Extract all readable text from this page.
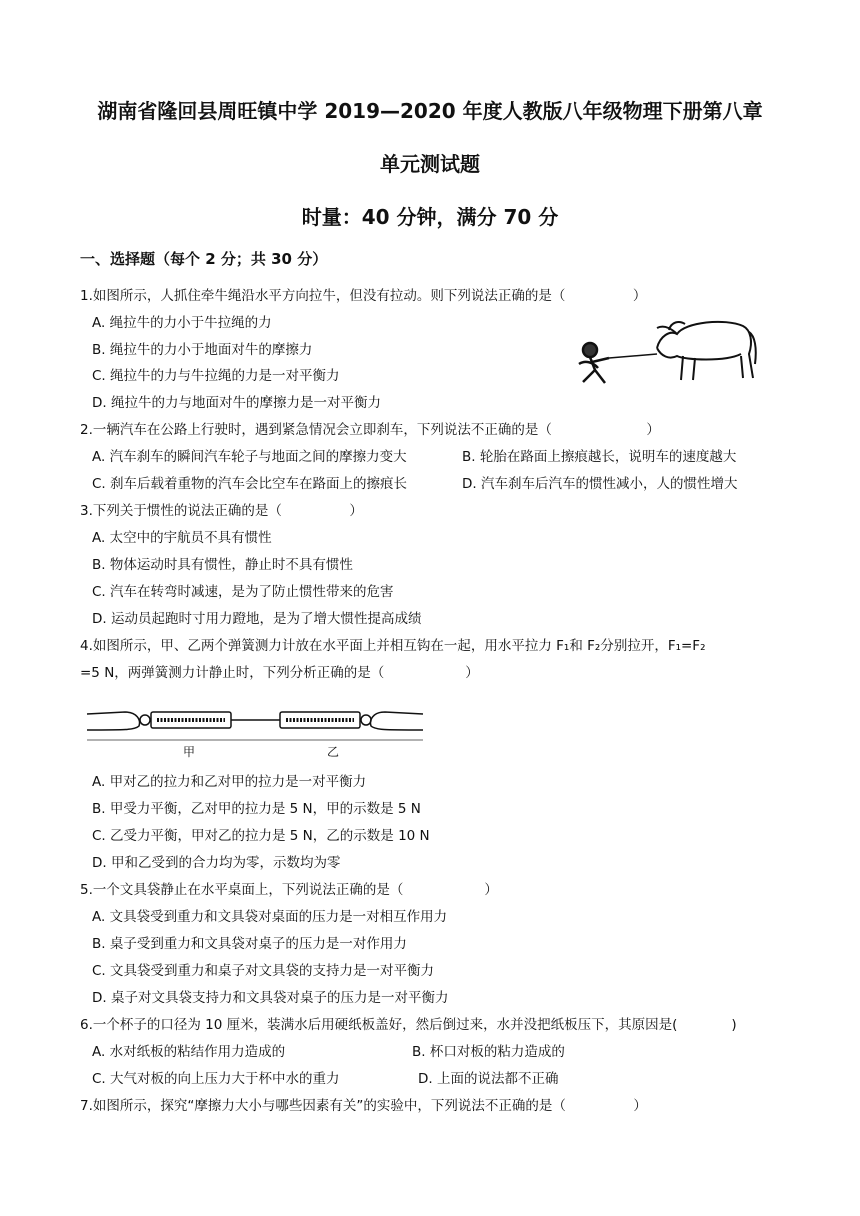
湖南省隆回县周旺镇中学 2019—2020 年度人教版八年级物理下册第八章
单元测试题
时量：40 分钟，满分 70 分
一、选择题（每个 2 分；共 30 分）
1.如图所示，人抓住牵牛绳沿水平方向拉牛，但没有拉动。则下列说法正确的是（　　　　　）
A. 绳拉牛的力小于牛拉绳的力
B. 绳拉牛的力小于地面对牛的摩擦力
C. 绳拉牛的力与牛拉绳的力是一对平衡力
D. 绳拉牛的力与地面对牛的摩擦力是一对平衡力
2.一辆汽车在公路上行驶时，遇到紧急情况会立即刹车，下列说法不正确的是（　　　　　　　）
A. 汽车刹车的瞬间汽车轮子与地面之间的摩擦力变大	B. 轮胎在路面上擦痕越长，说明车的速度越大
C. 刹车后载着重物的汽车会比空车在路面上的擦痕长	D. 汽车刹车后汽车的惯性减小，人的惯性增大
3.下列关于惯性的说法正确的是（　　　　　）
A. 太空中的宇航员不具有惯性
B. 物体运动时具有惯性，静止时不具有惯性
C. 汽车在转弯时减速，是为了防止惯性带来的危害
D. 运动员起跑时寸用力蹬地，是为了增大惯性提高成绩
4.如图所示，甲、乙两个弹簧测力计放在水平面上并相互钩在一起，用水平拉力 F₁和 F₂分别拉开，F₁=F₂
=5 N，两弹簧测力计静止时，下列分析正确的是（　　　　　　）
甲	乙
A. 甲对乙的拉力和乙对甲的拉力是一对平衡力
B. 甲受力平衡，乙对甲的拉力是 5 N，甲的示数是 5 N
C. 乙受力平衡，甲对乙的拉力是 5 N，乙的示数是 10 N
D. 甲和乙受到的合力均为零，示数均为零
5.一个文具袋静止在水平桌面上，下列说法正确的是（　　　　　　）
A. 文具袋受到重力和文具袋对桌面的压力是一对相互作用力
B. 桌子受到重力和文具袋对桌子的压力是一对作用力
C. 文具袋受到重力和桌子对文具袋的支持力是一对平衡力
D. 桌子对文具袋支持力和文具袋对桌子的压力是一对平衡力
6.一个杯子的口径为 10 厘米，装满水后用硬纸板盖好，然后倒过来，水并没把纸板压下，其原因是(　　　　)
A. 水对纸板的粘结作用力造成的	B. 杯口对板的粘力造成的
C. 大气对板的向上压力大于杯中水的重力	D. 上面的说法都不正确
7.如图所示，探究“摩擦力大小与哪些因素有关”的实验中，下列说法不正确的是（　　　　　）
